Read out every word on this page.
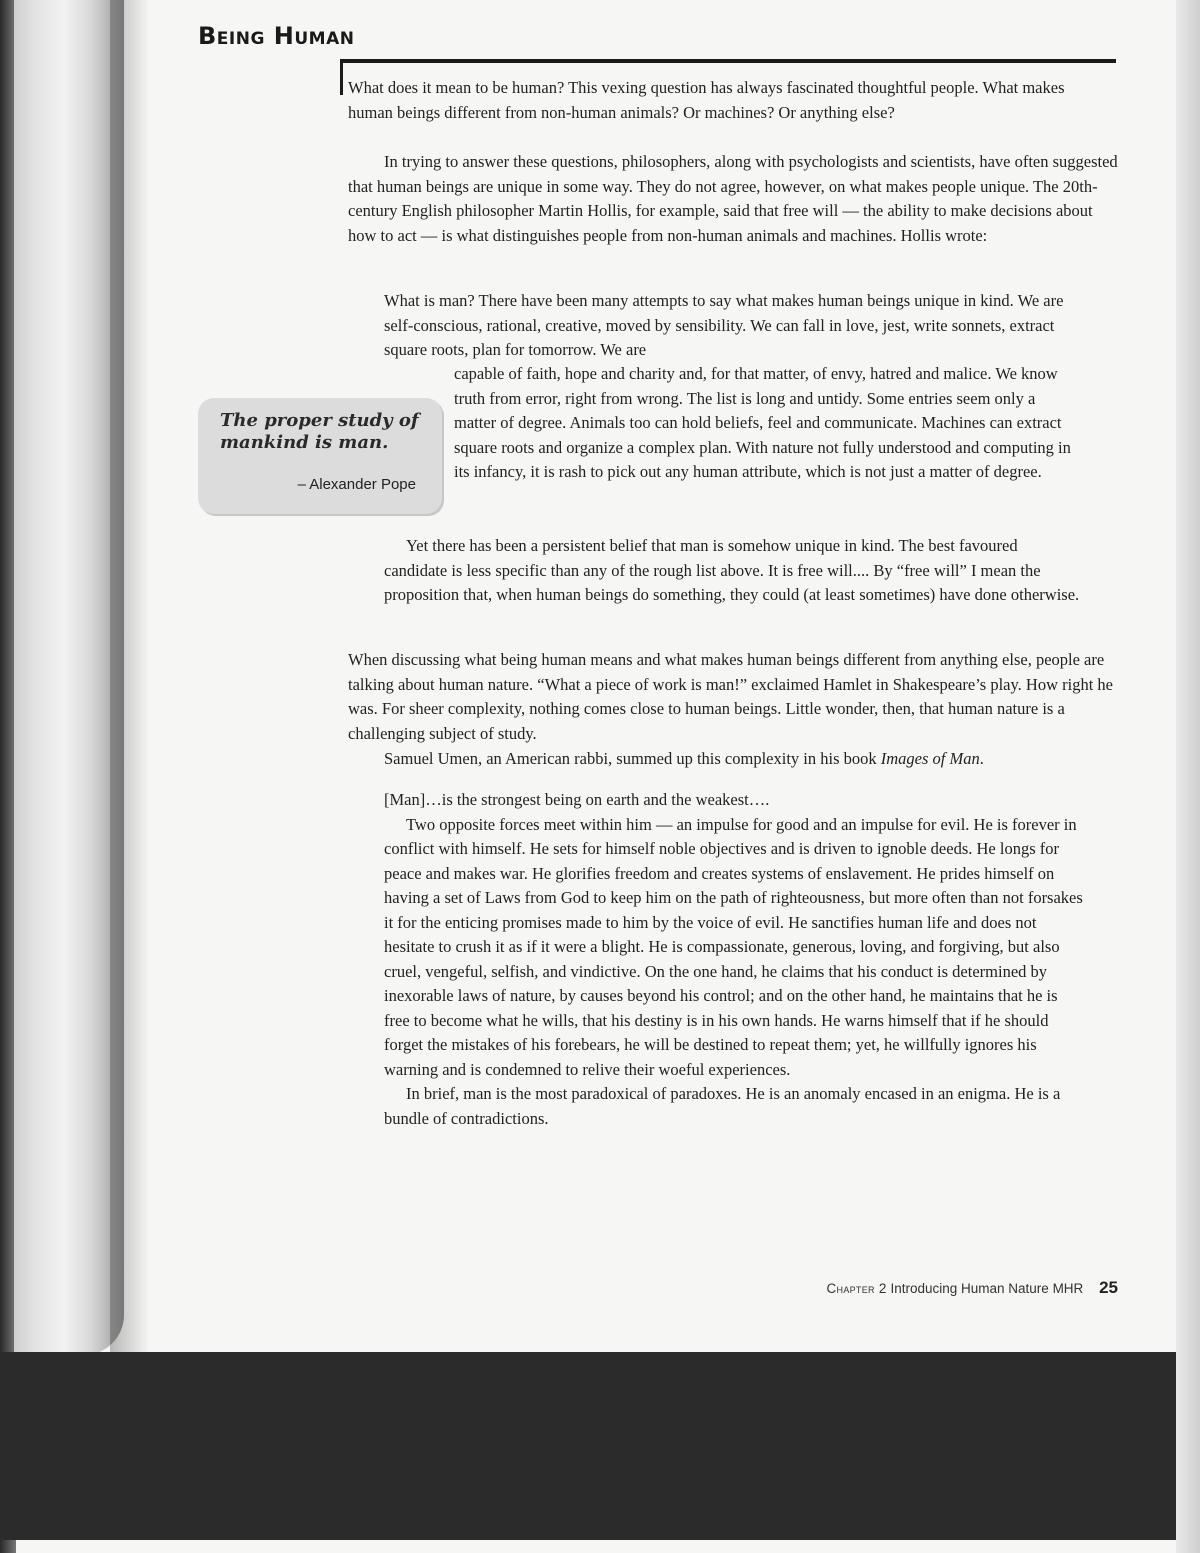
Being Human

What does it mean to be human? This vexing question has always fascinated thoughtful people. What makes human beings different from non-human animals? Or machines? Or anything else?

In trying to answer these questions, philosophers, along with psychologists and scientists, have often suggested that human beings are unique in some way. They do not agree, however, on what makes people unique. The 20th-century English philosopher Martin Hollis, for example, said that free will — the ability to make decisions about how to act — is what distinguishes people from non-human animals and machines. Hollis wrote:

What is man? There have been many attempts to say what makes human beings unique in kind. We are self-conscious, rational, creative, moved by sensibility. We can fall in love, jest, write sonnets, extract square roots, plan for tomorrow. We are

capable of faith, hope and charity and, for that matter, of envy, hatred and malice. We know truth from error, right from wrong. The list is long and untidy. Some entries seem only a matter of degree. Animals too can hold beliefs, feel and communicate. Machines can extract square roots and organize a complex plan. With nature not fully understood and computing in its infancy, it is rash to pick out any human attribute, which is not just a matter of degree.

Yet there has been a persistent belief that man is somehow unique in kind. The best favoured candidate is less specific than any of the rough list above. It is free will.... By “free will” I mean the proposition that, when human beings do something, they could (at least sometimes) have done otherwise.

The proper study of mankind is man.

– Alexander Pope

When discussing what being human means and what makes human beings different from anything else, people are talking about human nature. “What a piece of work is man!” exclaimed Hamlet in Shakespeare’s play. How right he was. For sheer complexity, nothing comes close to human beings. Little wonder, then, that human nature is a challenging subject of study.

Samuel Umen, an American rabbi, summed up this complexity in his book Images of Man.

[Man]…is the strongest being on earth and the weakest….

Two opposite forces meet within him — an impulse for good and an impulse for evil. He is forever in conflict with himself. He sets for himself noble objectives and is driven to ignoble deeds. He longs for peace and makes war. He glorifies freedom and creates systems of enslavement. He prides himself on having a set of Laws from God to keep him on the path of righteousness, but more often than not forsakes it for the enticing promises made to him by the voice of evil. He sanctifies human life and does not hesitate to crush it as if it were a blight. He is compassionate, generous, loving, and forgiving, but also cruel, vengeful, selfish, and vindictive. On the one hand, he claims that his conduct is determined by inexorable laws of nature, by causes beyond his control; and on the other hand, he maintains that he is free to become what he wills, that his destiny is in his own hands. He warns himself that if he should forget the mistakes of his forebears, he will be destined to repeat them; yet, he willfully ignores his warning and is condemned to relive their woeful experiences.

In brief, man is the most paradoxical of paradoxes. He is an anomaly encased in an enigma. He is a bundle of contradictions.

Chapter 2 Introducing Human Nature MHR 25
